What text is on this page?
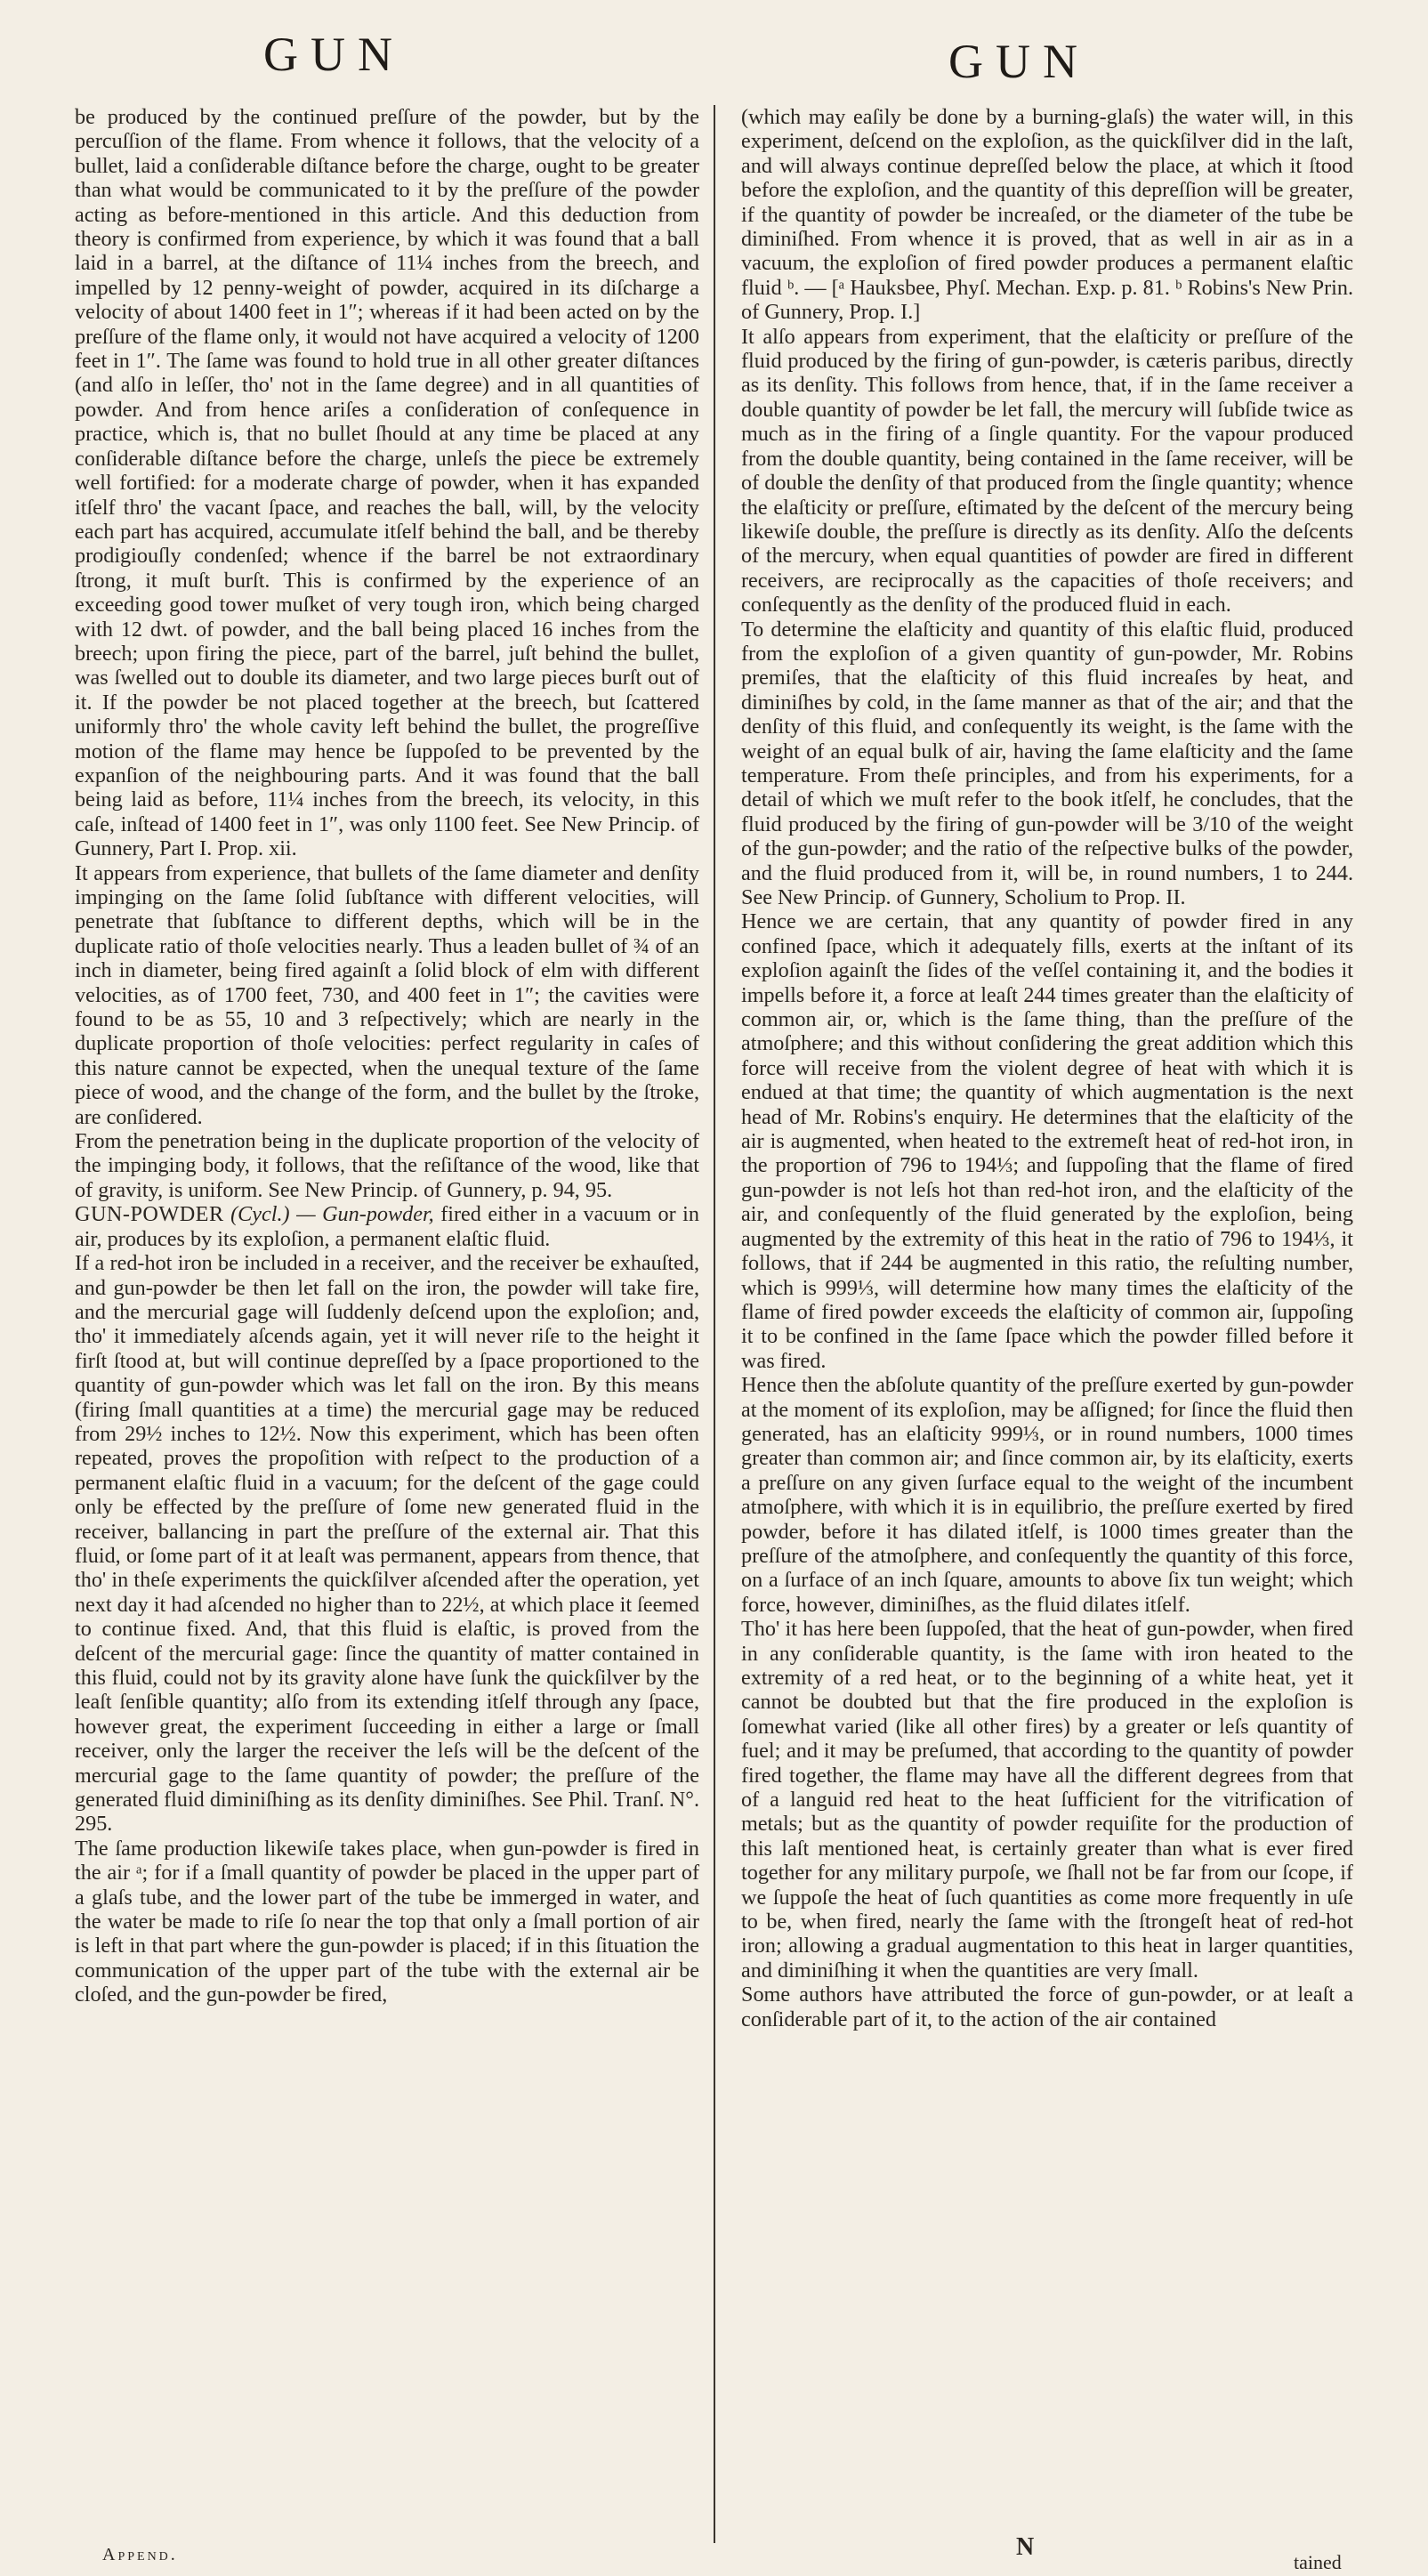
GUN	GUN

be produced by the continued preſſure of the powder, but by the percuſſion of the flame. From whence it follows, that the velocity of a bullet, laid a conſiderable diſtance before the charge, ought to be greater than what would be communicated to it by the preſſure of the powder acting as before-mentioned in this article. And this deduction from theory is confirmed from experience, by which it was found that a ball laid in a barrel, at the diſtance of 11¼ inches from the breech, and impelled by 12 penny-weight of powder, acquired in its diſcharge a velocity of about 1400 feet in 1″; whereas if it had been acted on by the preſſure of the flame only, it would not have acquired a velocity of 1200 feet in 1″. The ſame was found to hold true in all other greater diſtances (and alſo in leſſer, tho' not in the ſame degree) and in all quantities of powder. And from hence ariſes a conſideration of conſequence in practice, which is, that no bullet ſhould at any time be placed at any conſiderable diſtance before the charge, unleſs the piece be extremely well fortified: for a moderate charge of powder, when it has expanded itſelf thro' the vacant ſpace, and reaches the ball, will, by the velocity each part has acquired, accumulate itſelf behind the ball, and be thereby prodigiouſly condenſed; whence if the barrel be not extraordinary ſtrong, it muſt burſt. This is confirmed by the experience of an exceeding good tower muſket of very tough iron, which being charged with 12 dwt. of powder, and the ball being placed 16 inches from the breech; upon firing the piece, part of the barrel, juſt behind the bullet, was ſwelled out to double its diameter, and two large pieces burſt out of it. If the powder be not placed together at the breech, but ſcattered uniformly thro' the whole cavity left behind the bullet, the progreſſive motion of the flame may hence be ſuppoſed to be prevented by the expanſion of the neighbouring parts. And it was found that the ball being laid as before, 11¼ inches from the breech, its velocity, in this caſe, inſtead of 1400 feet in 1″, was only 1100 feet. See New Princip. of Gunnery, Part I. Prop. xii.

It appears from experience, that bullets of the ſame diameter and denſity impinging on the ſame ſolid ſubſtance with different velocities, will penetrate that ſubſtance to different depths, which will be in the duplicate ratio of thoſe velocities nearly. Thus a leaden bullet of ¾ of an inch in diameter, being fired againſt a ſolid block of elm with different velocities, as of 1700 feet, 730, and 400 feet in 1″; the cavities were found to be as 55, 10 and 3 reſpectively; which are nearly in the duplicate proportion of thoſe velocities: perfect regularity in caſes of this nature cannot be expected, when the unequal texture of the ſame piece of wood, and the change of the form, and the bullet by the ſtroke, are conſidered.

From the penetration being in the duplicate proportion of the velocity of the impinging body, it follows, that the reſiſtance of the wood, like that of gravity, is uniform. See New Princip. of Gunnery, p. 94, 95.

GUN-POWDER (Cycl.) — Gun-powder, fired either in a vacuum or in air, produces by its exploſion, a permanent elaſtic fluid.

If a red-hot iron be included in a receiver, and the receiver be exhauſted, and gun-powder be then let fall on the iron, the powder will take fire, and the mercurial gage will ſuddenly deſcend upon the exploſion; and, tho' it immediately aſcends again, yet it will never riſe to the height it firſt ſtood at, but will continue depreſſed by a ſpace proportioned to the quantity of gun-powder which was let fall on the iron. By this means (firing ſmall quantities at a time) the mercurial gage may be reduced from 29½ inches to 12½. Now this experiment, which has been often repeated, proves the propoſition with reſpect to the production of a permanent elaſtic fluid in a vacuum; for the deſcent of the gage could only be effected by the preſſure of ſome new generated fluid in the receiver, ballancing in part the preſſure of the external air. That this fluid, or ſome part of it at leaſt was permanent, appears from thence, that tho' in theſe experiments the quickſilver aſcended after the operation, yet next day it had aſcended no higher than to 22½, at which place it ſeemed to continue fixed. And, that this fluid is elaſtic, is proved from the deſcent of the mercurial gage: ſince the quantity of matter contained in this fluid, could not by its gravity alone have ſunk the quickſilver by the leaſt ſenſible quantity; alſo from its extending itſelf through any ſpace, however great, the experiment ſucceeding in either a large or ſmall receiver, only the larger the receiver the leſs will be the deſcent of the mercurial gage to the ſame quantity of powder; the preſſure of the generated fluid diminiſhing as its denſity diminiſhes. See Phil. Tranſ. N°. 295.

The ſame production likewiſe takes place, when gun-powder is fired in the air ᵃ; for if a ſmall quantity of powder be placed in the upper part of a glaſs tube, and the lower part of the tube be immerged in water, and the water be made to riſe ſo near the top that only a ſmall portion of air is left in that part where the gun-powder is placed; if in this ſituation the communication of the upper part of the tube with the external air be cloſed, and the gun-powder be fired,

(which may eaſily be done by a burning-glaſs) the water will, in this experiment, deſcend on the exploſion, as the quickſilver did in the laſt, and will always continue depreſſed below the place, at which it ſtood before the exploſion, and the quantity of this depreſſion will be greater, if the quantity of powder be increaſed, or the diameter of the tube be diminiſhed. From whence it is proved, that as well in air as in a vacuum, the exploſion of fired powder produces a permanent elaſtic fluid ᵇ. — [ᵃ Hauksbee, Phyſ. Mechan. Exp. p. 81. ᵇ Robins's New Prin. of Gunnery, Prop. I.]

It alſo appears from experiment, that the elaſticity or preſſure of the fluid produced by the firing of gun-powder, is cæteris paribus, directly as its denſity. This follows from hence, that, if in the ſame receiver a double quantity of powder be let fall, the mercury will ſubſide twice as much as in the firing of a ſingle quantity. For the vapour produced from the double quantity, being contained in the ſame receiver, will be of double the denſity of that produced from the ſingle quantity; whence the elaſticity or preſſure, eſtimated by the deſcent of the mercury being likewiſe double, the preſſure is directly as its denſity. Alſo the deſcents of the mercury, when equal quantities of powder are fired in different receivers, are reciprocally as the capacities of thoſe receivers; and conſequently as the denſity of the produced fluid in each.

To determine the elaſticity and quantity of this elaſtic fluid, produced from the exploſion of a given quantity of gun-powder, Mr. Robins premiſes, that the elaſticity of this fluid increaſes by heat, and diminiſhes by cold, in the ſame manner as that of the air; and that the denſity of this fluid, and conſequently its weight, is the ſame with the weight of an equal bulk of air, having the ſame elaſticity and the ſame temperature. From theſe principles, and from his experiments, for a detail of which we muſt refer to the book itſelf, he concludes, that the fluid produced by the firing of gun-powder will be 3/10 of the weight of the gun-powder; and the ratio of the reſpective bulks of the powder, and the fluid produced from it, will be, in round numbers, 1 to 244. See New Princip. of Gunnery, Scholium to Prop. II.

Hence we are certain, that any quantity of powder fired in any confined ſpace, which it adequately fills, exerts at the inſtant of its exploſion againſt the ſides of the veſſel containing it, and the bodies it impells before it, a force at leaſt 244 times greater than the elaſticity of common air, or, which is the ſame thing, than the preſſure of the atmoſphere; and this without conſidering the great addition which this force will receive from the violent degree of heat with which it is endued at that time; the quantity of which augmentation is the next head of Mr. Robins's enquiry. He determines that the elaſticity of the air is augmented, when heated to the extremeſt heat of red-hot iron, in the proportion of 796 to 194⅓; and ſuppoſing that the flame of fired gun-powder is not leſs hot than red-hot iron, and the elaſticity of the air, and conſequently of the fluid generated by the exploſion, being augmented by the extremity of this heat in the ratio of 796 to 194⅓, it follows, that if 244 be augmented in this ratio, the reſulting number, which is 999⅓, will determine how many times the elaſticity of the flame of fired powder exceeds the elaſticity of common air, ſuppoſing it to be confined in the ſame ſpace which the powder filled before it was fired.

Hence then the abſolute quantity of the preſſure exerted by gun-powder at the moment of its exploſion, may be aſſigned; for ſince the fluid then generated, has an elaſticity 999⅓, or in round numbers, 1000 times greater than common air; and ſince common air, by its elaſticity, exerts a preſſure on any given ſurface equal to the weight of the incumbent atmoſphere, with which it is in equilibrio, the preſſure exerted by fired powder, before it has dilated itſelf, is 1000 times greater than the preſſure of the atmoſphere, and conſequently the quantity of this force, on a ſurface of an inch ſquare, amounts to above ſix tun weight; which force, however, diminiſhes, as the fluid dilates itſelf.

Tho' it has here been ſuppoſed, that the heat of gun-powder, when fired in any conſiderable quantity, is the ſame with iron heated to the extremity of a red heat, or to the beginning of a white heat, yet it cannot be doubted but that the fire produced in the exploſion is ſomewhat varied (like all other fires) by a greater or leſs quantity of fuel; and it may be preſumed, that according to the quantity of powder fired together, the flame may have all the different degrees from that of a languid red heat to the heat ſufficient for the vitrification of metals; but as the quantity of powder requiſite for the production of this laſt mentioned heat, is certainly greater than what is ever fired together for any military purpoſe, we ſhall not be far from our ſcope, if we ſuppoſe the heat of ſuch quantities as come more frequently in uſe to be, when fired, nearly the ſame with the ſtrongeſt heat of red-hot iron; allowing a gradual augmentation to this heat in larger quantities, and diminiſhing it when the quantities are very ſmall.

Some authors have attributed the force of gun-powder, or at leaſt a conſiderable part of it, to the action of the air contained

Append.	N
tained
